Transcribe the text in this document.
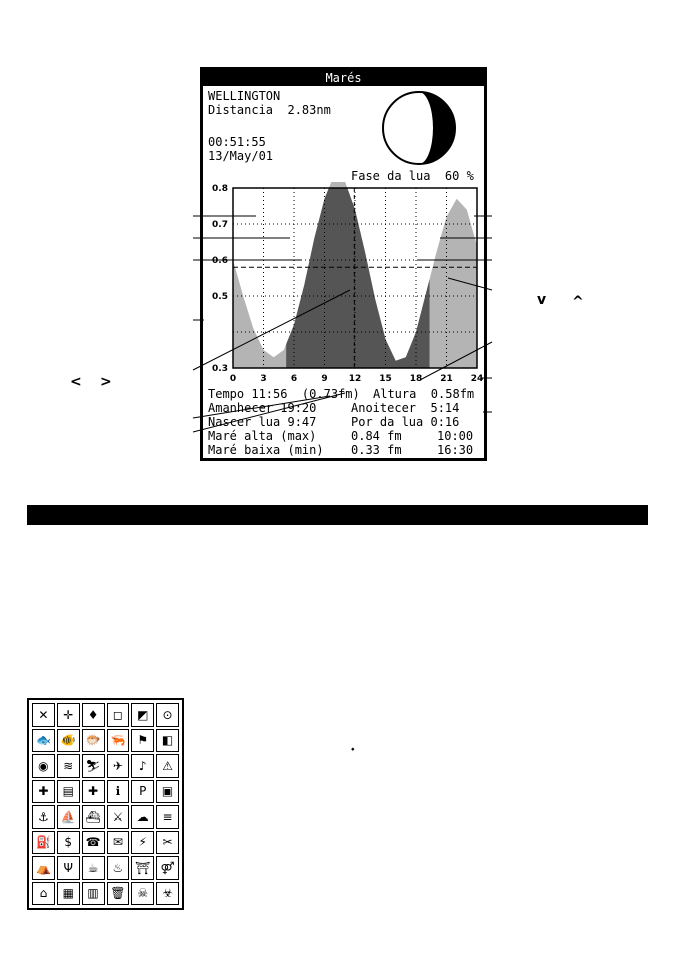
Marés
WELLINGTON
Distancia  2.83nm
00:51:55
13/May/01
Fase da lua  60 %
0.8
0.7
0.6
0.5
0.3
0	3	6	9 12 15 18 21 24
Tempo 11:56  (0.73fm) Altura  0.58fm
Amanhecer 19:20	Anoitecer  5:14
Nascer lua 9:47	Por da lua 0:16
Maré alta (max)	0.84 fm	10:00
Maré baixa (min) 0.33 fm	16:30
< >
v ^
✕	✛	♦	◻	◩	⊙
🐟 🐠 🐡 🦐 ⚑	◧
◉	≋	⛷	✈	♪	⚠
✚	▤	✚	ℹ	P	▣
⚓ ⛵ ⛴ ⚔	☁	≡
⛽	$	☎	✉	⚡	✂
⛺	Ψ	☕	♨ ⛩ ⚤
⌂	▦	▥ 🗑 ☠	☣
⬩
